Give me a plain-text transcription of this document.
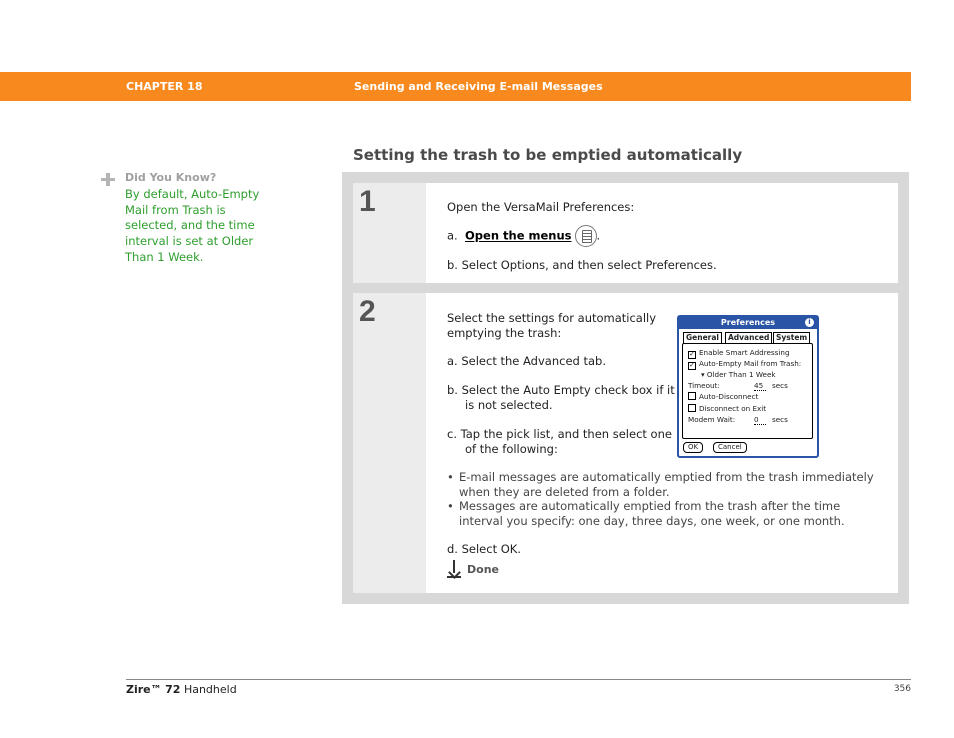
CHAPTER 18	Sending and Receiving E-mail Messages
Setting the trash to be emptied automatically
Did You Know?
By default, Auto-Empty Mail from Trash is selected, and the time interval is set at Older Than 1 Week.
1	Open the VersaMail Preferences:
a. Open the menus .
b. Select Options, and then select Preferences.
2	Select the settings for automatically emptying the trash:
a. Select the Advanced tab.
b. Select the Auto Empty check box if it is not selected.
c. Tap the pick list, and then select one of the following:
Preferences	i
General	Advanced System
✓ Enable Smart Addressing
✓ Auto-Empty Mail from Trash:
▾ Older Than 1 Week
Timeout:	45	secs
Auto-Disconnect
Disconnect on Exit
Modem Wait:	0	secs
OK	Cancel
• E-mail messages are automatically emptied from the trash immediately when they are deleted from a folder.
• Messages are automatically emptied from the trash after the time interval you specify: one day, three days, one week, or one month.
d. Select OK.
Done
Zire™ 72 Handheld	356
